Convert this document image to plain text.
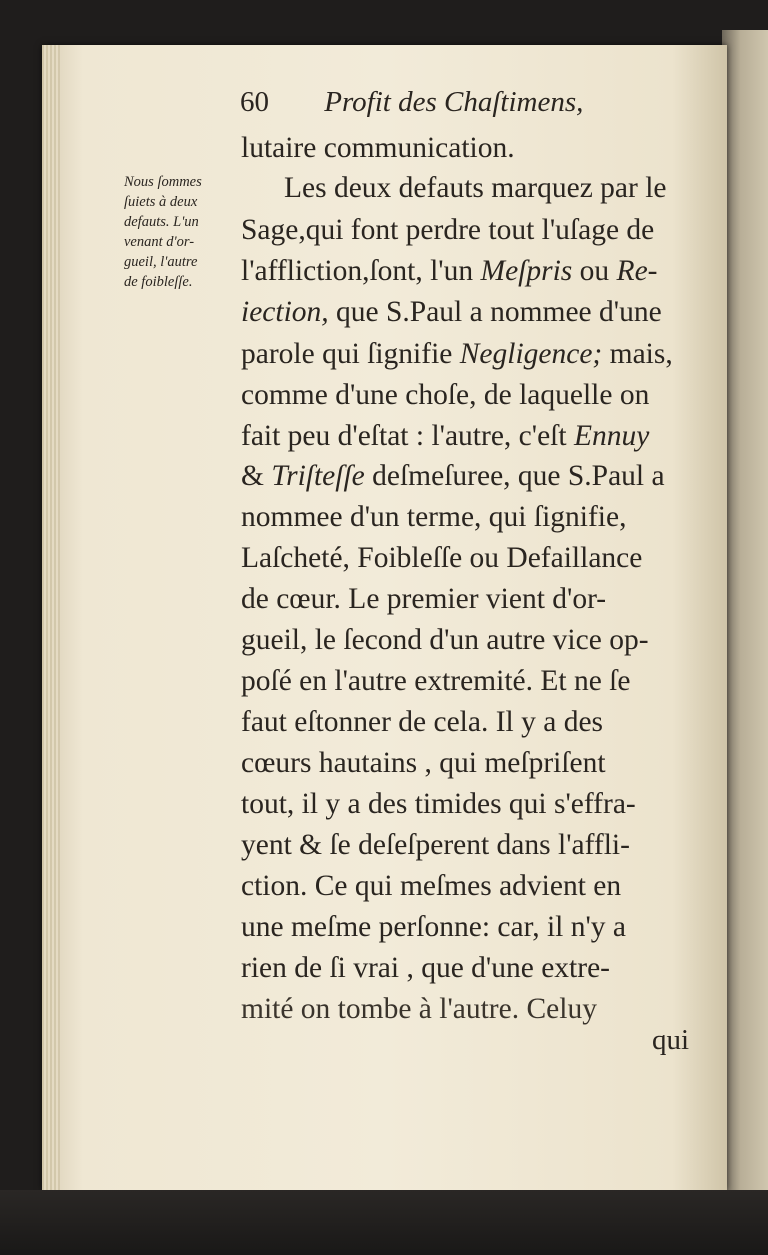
60 Profit des Chaſtimens,
Nous ſommes
ſuiets à deux
defauts. L'un
venant d'or-
gueil, l'autre
de foibleſſe.
lutaire communication.
Les deux defauts marquez par le
Sage,qui font perdre tout l'uſage de
l'affliction,ſont, l'un Meſpris ou Re-
iection, que S.Paul a nommee d'une
parole qui ſignifie Negligence; mais,
comme d'une choſe, de laquelle on
fait peu d'eſtat : l'autre, c'eſt Ennuy
& Triſteſſe deſmeſuree, que S.Paul a
nommee d'un terme, qui ſignifie,
Laſcheté, Foibleſſe ou Defaillance
de cœur. Le premier vient d'or-
gueil, le ſecond d'un autre vice op-
poſé en l'autre extremité. Et ne ſe
faut eſtonner de cela. Il y a des
cœurs hautains , qui meſpriſent
tout, il y a des timides qui s'effra-
yent & ſe deſeſperent dans l'affli-
ction. Ce qui meſmes advient en
une meſme perſonne: car, il n'y a
rien de ſi vrai , que d'une extre-
mité on tombe à l'autre. Celuy
qui
